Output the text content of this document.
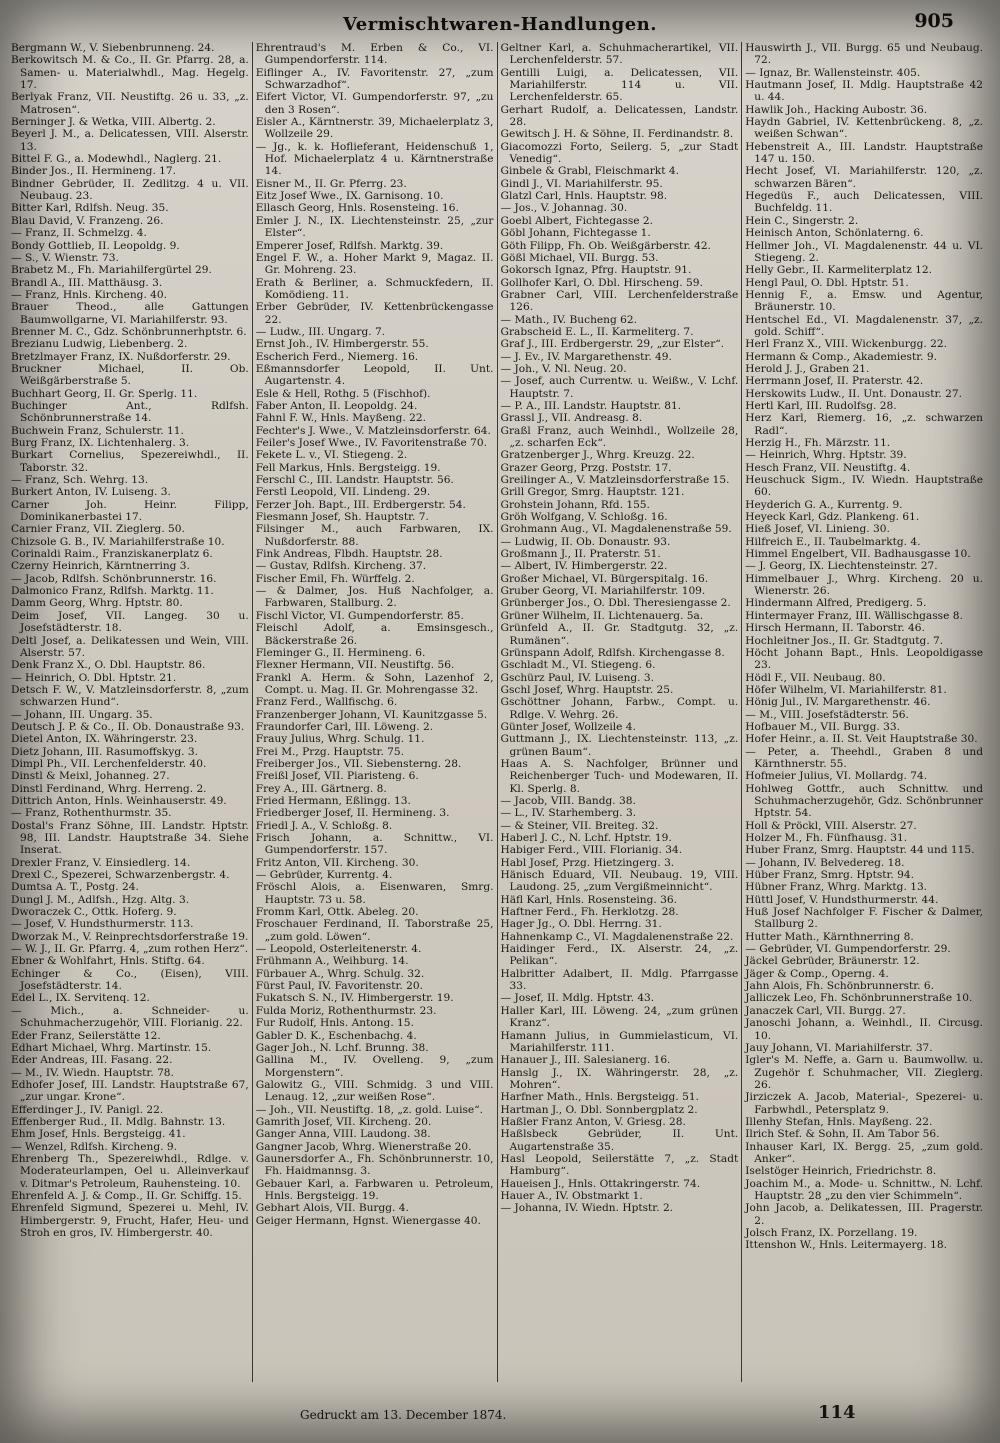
Vermischtwaren-Handlungen.	905
Bergmann W., V. Siebenbrunneng. 24.
Berkowitsch M. & Co., II. Gr. Pfarrg. 28, a. Samen- u. Materialwhdl., Mag. Hegelg. 17.
Berlyak Franz, VII. Neustiftg. 26 u. 33, „z. Matrosen“.
Berninger J. & Wetka, VIII. Albertg. 2.
Beyerl J. M., a. Delicatessen, VIII. Alserstr. 13.
Bittel F. G., a. Modewhdl., Naglerg. 21.
Binder Jos., II. Hermineng. 17.
Bindner Gebrüder, II. Zedlitzg. 4 u. VII. Neubaug. 23.
Bitter Karl, Rdlfsh. Neug. 35.
Blau David, V. Franzeng. 26.
— Franz, II. Schmelzg. 4.
Bondy Gottlieb, II. Leopoldg. 9.
— S., V. Wienstr. 73.
Brabetz M., Fh. Mariahilfergürtel 29.
Brandl A., III. Matthäusg. 3.
— Franz, Hnls. Kircheng. 40.
Brauer Theod., alle Gattungen Baumwollgarne, VI. Mariahilferstr. 93.
Brenner M. C., Gdz. Schönbrunnerhptstr. 6.
Brezianu Ludwig, Liebenberg. 2.
Bretzlmayer Franz, IX. Nußdorferstr. 29.
Bruckner Michael, II. Ob. Weißgärberstraße 5.
Buchhart Georg, II. Gr. Sperlg. 11.
Buchinger Ant., Rdlfsh. Schönbrunnerstraße 14.
Buchwein Franz, Schulerstr. 11.
Burg Franz, IX. Lichtenhalerg. 3.
Burkart Cornelius, Spezereiwhdl., II. Taborstr. 32.
— Franz, Sch. Wehrg. 13.
Burkert Anton, IV. Luiseng. 3.
Carner Joh. Heinr. Filipp, Dominikanerbastei 17.
Carnier Franz, VII. Zieglerg. 50.
Chizsole G. B., IV. Mariahilferstraße 10.
Corinaldi Raim., Franziskanerplatz 6.
Czerny Heinrich, Kärntnerring 3.
— Jacob, Rdlfsh. Schönbrunnerstr. 16.
Dalmonico Franz, Rdlfsh. Marktg. 11.
Damm Georg, Whrg. Hptstr. 80.
Deim Josef, VII. Langeg. 30 u. Josefstädterstr. 18.
Deltl Josef, a. Delikatessen und Wein, VIII. Alserstr. 57.
Denk Franz X., O. Dbl. Hauptstr. 86.
— Heinrich, O. Dbl. Hptstr. 21.
Detsch F. W., V. Matzleinsdorferstr. 8, „zum schwarzen Hund“.
— Johann, III. Ungarg. 35.
Deutsch J. P. & Co., II. Ob. Donaustraße 93.
Dietel Anton, IX. Währingerstr. 23.
Dietz Johann, III. Rasumoffskyg. 3.
Dimpl Ph., VII. Lerchenfelderstr. 40.
Dinstl & Meixl, Johanneg. 27.
Dinstl Ferdinand, Whrg. Herreng. 2.
Dittrich Anton, Hnls. Weinhauserstr. 49.
— Franz, Rothenthurmstr. 35.
Dostal's Franz Söhne, III. Landstr. Hptstr. 98, III. Landstr. Hauptstraße 34. Siehe Inserat.
Drexler Franz, V. Einsiedlerg. 14.
Drexl C., Spezerei, Schwarzenbergstr. 4.
Dumtsa A. T., Postg. 24.
Dungl J. M., Adlfsh., Hzg. Altg. 3.
Dworaczek C., Ottk. Hoferg. 9.
— Josef, V. Hundsthurmerstr. 113.
Dworzak M., V. Reinprechtsdorferstraße 19.
— W. J., II. Gr. Pfarrg. 4, „zum rothen Herz“.
Ebner & Wohlfahrt, Hnls. Stiftg. 64.
Echinger & Co., (Eisen), VIII. Josefstädterstr. 14.
Edel L., IX. Servitenq. 12.
— Mich., a. Schneider- u. Schuhmacherzugehör, VIII. Florianig. 22.
Eder Franz, Seilerstätte 12.
Edhart Michael, Whrg. Martinstr. 15.
Eder Andreas, III. Fasang. 22.
— M., IV. Wiedn. Hauptstr. 78.
Edhofer Josef, III. Landstr. Hauptstraße 67, „zur ungar. Krone“.
Efferdinger J., IV. Panigl. 22.
Effenberger Rud., II. Mdlg. Bahnstr. 13.
Ehm Josef, Hnls. Bergsteigg. 41.
— Wenzel, Rdlfsh. Kircheng. 9.
Ehrenberg Th., Spezereiwhdl., Rdlge. v. Moderateurlampen, Oel u. Alleinverkauf v. Ditmar's Petroleum, Rauhensteing. 10.
Ehrenfeld A. J. & Comp., II. Gr. Schiffg. 15.
Ehrenfeld Sigmund, Spezerei u. Mehl, IV. Himbergerstr. 9, Frucht, Hafer, Heu- und Stroh en gros, IV. Himbergerstr. 40.
Ehrentraud's M. Erben & Co., VI. Gumpendorferstr. 114.
Eiflinger A., IV. Favoritenstr. 27, „zum Schwarzadhof“.
Eifert Victor, VI. Gumpendorferstr. 97, „zu den 3 Rosen“.
Eisler A., Kärntnerstr. 39, Michaelerplatz 3, Wollzeile 29.
— Jg., k. k. Hoflieferant, Heidenschuß 1, Hof. Michaelerplatz 4 u. Kärntnerstraße 14.
Eisner M., II. Gr. Pferrg. 23.
Eitz Josef Wwe., IX. Garnisong. 10.
Ellasch Georg, Hnls. Rosensteing. 16.
Emler J. N., IX. Liechtensteinstr. 25, „zur Elster“.
Emperer Josef, Rdlfsh. Marktg. 39.
Engel F. W., a. Hoher Markt 9, Magaz. II. Gr. Mohreng. 23.
Erath & Berliner, a. Schmuckfedern, II. Komödieng. 11.
Erber Gebrüder, IV. Kettenbrückengasse 22.
— Ludw., III. Ungarg. 7.
Ernst Joh., IV. Himbergerstr. 55.
Escherich Ferd., Niemerg. 16.
Eßmannsdorfer Leopold, II. Unt. Augartenstr. 4.
Esle & Hell, Rothg. 5 (Fischhof).
Faber Anton, II. Leopoldg. 24.
Fahnl F. W., Hnls. Mayßeng. 22.
Fechter's J. Wwe., V. Matzleinsdorferstr. 64.
Feiler's Josef Wwe., IV. Favoritenstraße 70.
Fekete L. v., VI. Stiegeng. 2.
Fell Markus, Hnls. Bergsteigg. 19.
Ferschl C., III. Landstr. Hauptstr. 56.
Ferstl Leopold, VII. Lindeng. 29.
Ferzer Joh. Bapt., III. Erdbergerstr. 54.
Fiesmann Josef, Sh. Hauptstr. 7.
Filsinger M., auch Farbwaren, IX. Nußdorferstr. 88.
Fink Andreas, Flbdh. Hauptstr. 28.
— Gustav, Rdlfsh. Kircheng. 37.
Fischer Emil, Fh. Würffelg. 2.
— & Dalmer, Jos. Huß Nachfolger, a. Farbwaren, Stallburg. 2.
Fischl Victor, VI. Gumpendorferstr. 85.
Fleischl Adolf, a. Emsinsgesch., Bäckerstraße 26.
Fleminger G., II. Hermineng. 6.
Flexner Hermann, VII. Neustiftg. 56.
Frankl A. Herm. & Sohn, Lazenhof 2, Compt. u. Mag. II. Gr. Mohrengasse 32.
Franz Ferd., Wallfischg. 6.
Franzenberger Johann, VI. Kaunitzgasse 5.
Fraundorfer Carl, III. Löweng. 2.
Frauy Julius, Whrg. Schulg. 11.
Frei M., Przg. Hauptstr. 75.
Freiberger Jos., VII. Siebensterng. 28.
Freißl Josef, VII. Piaristeng. 6.
Frey A., III. Gärtnerg. 8.
Fried Hermann, Eßlingg. 13.
Friedberger Josef, II. Hermineng. 3.
Friedl J. A., V. Schloßg. 8.
Frisch Johann, a. Schnittw., VI. Gumpendorferstr. 157.
Fritz Anton, VII. Kircheng. 30.
— Gebrüder, Kurrentg. 4.
Fröschl Alois, a. Eisenwaren, Smrg. Hauptstr. 73 u. 58.
Fromm Karl, Ottk. Abeleg. 20.
Froschauer Ferdinand, II. Taborstraße 25, „zum gold. Löwen“.
— Leopold, Osterleitenerstr. 4.
Frühmann A., Weihburg. 14.
Fürbauer A., Whrg. Schulg. 32.
Fürst Paul, IV. Favoritenstr. 20.
Fukatsch S. N., IV. Himbergerstr. 19.
Fulda Moriz, Rothenthurmstr. 23.
Fur Rudolf, Hnls. Antong. 15.
Gabler D. K., Eschenbachg. 4.
Gager Joh., N. Lchf. Brunng. 38.
Gallina M., IV. Ovelleng. 9, „zum Morgenstern“.
Galowitz G., VIII. Schmidg. 3 und VIII. Lenaug. 12, „zur weißen Rose“.
— Joh., VII. Neustiftg. 18, „z. gold. Luise“.
Gamrith Josef, VII. Kircheng. 20.
Ganger Anna, VIII. Laudong. 38.
Gangner Jacob, Whrg. Wienerstraße 20.
Gaunersdorfer A., Fh. Schönbrunnerstr. 10, Fh. Haidmannsg. 3.
Gebauer Karl, a. Farbwaren u. Petroleum, Hnls. Bergsteigg. 19.
Gebhart Alois, VII. Burgg. 4.
Geiger Hermann, Hgnst. Wienergasse 40.
Geltner Karl, a. Schuhmacherartikel, VII. Lerchenfelderstr. 57.
Gentilli Luigi, a. Delicatessen, VII. Mariahilferstr. 114 u. VII. Lerchenfelderstr. 65.
Gerhart Rudolf, a. Delicatessen, Landstr. 28.
Gewitsch J. H. & Söhne, II. Ferdinandstr. 8.
Giacomozzi Forto, Seilerg. 5, „zur Stadt Venedig“.
Ginbele & Grabl, Fleischmarkt 4.
Gindl J., VI. Mariahilferstr. 95.
Glatzl Carl, Hnls. Hauptstr. 98.
— Jos., V. Johannag. 30.
Goebl Albert, Fichtegasse 2.
Göbl Johann, Fichtegasse 1.
Göth Filipp, Fh. Ob. Weißgärberstr. 42.
Gößl Michael, VII. Burgg. 53.
Gokorsch Ignaz, Pfrg. Hauptstr. 91.
Gollhofer Karl, O. Dbl. Hirscheng. 59.
Grabner Carl, VIII. Lerchenfelderstraße 126.
— Math., IV. Bucheng 62.
Grabscheid E. L., II. Karmeliterg. 7.
Graf J., III. Erdbergerstr. 29, „zur Elster“.
— J. Ev., IV. Margarethenstr. 49.
— Joh., V. Nl. Neug. 20.
— Josef, auch Currentw. u. Weißw., V. Lchf. Hauptstr. 7.
— P. A., III. Landstr. Hauptstr. 81.
Grassl J., VII. Andreasg. 8.
Graßl Franz, auch Weinhdl., Wollzeile 28, „z. scharfen Eck“.
Gratzenberger J., Whrg. Kreuzg. 22.
Grazer Georg, Przg. Poststr. 17.
Greilinger A., V. Matzleinsdorferstraße 15.
Grill Gregor, Smrg. Hauptstr. 121.
Grohstein Johann, Rfd. 155.
Gröh Wolfgang, V. Schloßg. 16.
Grohmann Aug., VI. Magdalenenstraße 59.
— Ludwig, II. Ob. Donaustr. 93.
Großmann J., II. Praterstr. 51.
— Albert, IV. Himbergerstr. 22.
Großer Michael, VI. Bürgerspitalg. 16.
Gruber Georg, VI. Mariahilferstr. 109.
Grünberger Jos., O. Dbl. Theresiengasse 2.
Grüner Wilhelm, II. Lichtenauerg. 5a.
Grünfeld A., II. Gr. Stadtgutg. 32, „z. Rumänen“.
Grünspann Adolf, Rdlfsh. Kirchengasse 8.
Gschladt M., VI. Stiegeng. 6.
Gschürz Paul, IV. Luiseng. 3.
Gschl Josef, Whrg. Hauptstr. 25.
Gschöttner Johann, Farbw., Compt. u. Rdlge. V. Wehrg. 26.
Günter Josef, Wollzeile 4.
Guttmann J., IX. Liechtensteinstr. 113, „z. grünen Baum“.
Haas A. S. Nachfolger, Brünner und Reichenberger Tuch- und Modewaren, II. Kl. Sperlg. 8.
— Jacob, VIII. Bandg. 38.
— L., IV. Starhemberg. 3.
— & Steiner, VII. Breiteg. 32.
Haberl J. C., N. Lchf. Hptstr. 19.
Habiger Ferd., VIII. Florianig. 34.
Habl Josef, Przg. Hietzingerg. 3.
Hänisch Eduard, VII. Neubaug. 19, VIII. Laudong. 25, „zum Vergißmeinnicht“.
Häfl Karl, Hnls. Rosensteing. 36.
Haftner Ferd., Fh. Herklotzg. 28.
Hager Jg., O. Dbl. Herrng. 31.
Hahnenkamp C., VI. Magdalenenstraße 22.
Haidinger Ferd., IX. Alserstr. 24, „z. Pelikan“.
Halbritter Adalbert, II. Mdlg. Pfarrgasse 33.
— Josef, II. Mdlg. Hptstr. 43.
Haller Karl, III. Löweng. 24, „zum grünen Kranz“.
Hamann Julius, in Gummielasticum, VI. Mariahilferstr. 111.
Hanauer J., III. Salesianerg. 16.
Hanslg J., IX. Währingerstr. 28, „z. Mohren“.
Harfner Math., Hnls. Bergsteigg. 51.
Hartman J., O. Dbl. Sonnbergplatz 2.
Haßler Franz Anton, V. Griesg. 28.
Haßlsbeck Gebrüder, II. Unt. Augartenstraße 35.
Hasl Leopold, Seilerstätte 7, „z. Stadt Hamburg“.
Haueisen J., Hnls. Ottakringerstr. 74.
Hauer A., IV. Obstmarkt 1.
— Johanna, IV. Wiedn. Hptstr. 2.
Hauswirth J., VII. Burgg. 65 und Neubaug. 72.
— Ignaz, Br. Wallensteinstr. 405.
Hautmann Josef, II. Mdlg. Hauptstraße 42 u. 44.
Hawlik Joh., Hacking Aubostr. 36.
Haydn Gabriel, IV. Kettenbrückeng. 8, „z. weißen Schwan“.
Hebenstreit A., III. Landstr. Hauptstraße 147 u. 150.
Hecht Josef, VI. Mariahilferstr. 120, „z. schwarzen Bären“.
Hegedüs F., auch Delicatessen, VIII. Buchfeldg. 11.
Hein C., Singerstr. 2.
Heinisch Anton, Schönlaterng. 6.
Hellmer Joh., VI. Magdalenenstr. 44 u. VI. Stiegeng. 2.
Helly Gebr., II. Karmeliterplatz 12.
Hengl Paul, O. Dbl. Hptstr. 51.
Hennig F., a. Emsw. und Agentur, Bräunerstr. 10.
Hentschel Ed., VI. Magdalenenstr. 37, „z. gold. Schiff“.
Herl Franz X., VIII. Wickenburgg. 22.
Hermann & Comp., Akademiestr. 9.
Herold J. J., Graben 21.
Herrmann Josef, II. Praterstr. 42.
Herskowits Ludw., II. Unt. Donaustr. 27.
Hertl Karl, III. Rudolfsg. 28.
Herz Karl, Riemerg. 16, „z. schwarzen Radl“.
Herzig H., Fh. Märzstr. 11.
— Heinrich, Whrg. Hptstr. 39.
Hesch Franz, VII. Neustiftg. 4.
Heuschuck Sigm., IV. Wiedn. Hauptstraße 60.
Heyderich G. A., Kurrentg. 9.
Heyeck Karl, Gdz. Plankeng. 61.
Hieß Josef, VI. Linieng. 30.
Hilfreich E., II. Taubelmarktg. 4.
Himmel Engelbert, VII. Badhausgasse 10.
— J. Georg, IX. Liechtensteinstr. 27.
Himmelbauer J., Whrg. Kircheng. 20 u. Wienerstr. 26.
Hindermann Alfred, Predigerg. 5.
Hintermayer Franz, III. Wällischgasse 8.
Hirsch Hermann, II. Taborstr. 46.
Hochleitner Jos., II. Gr. Stadtgutg. 7.
Höcht Johann Bapt., Hnls. Leopoldigasse 23.
Hödl F., VII. Neubaug. 80.
Höfer Wilhelm, VI. Mariahilferstr. 81.
Hönig Jul., IV. Margarethenstr. 46.
— M., VIII. Josefstädterstr. 56.
Hofbauer M., VII. Burgg. 33.
Hofer Heinr., a. II. St. Veit Hauptstraße 30.
— Peter, a. Theehdl., Graben 8 und Kärnthnerstr. 55.
Hofmeier Julius, VI. Mollardg. 74.
Hohlweg Gottfr., auch Schnittw. und Schuhmacherzugehör, Gdz. Schönbrunner Hptstr. 54.
Holl & Pröckl, VIII. Alserstr. 27.
Holzer M., Fh. Fünfhausg. 31.
Huber Franz, Smrg. Hauptstr. 44 und 115.
— Johann, IV. Belvedereg. 18.
Hüber Franz, Smrg. Hptstr. 94.
Hübner Franz, Whrg. Marktg. 13.
Hüttl Josef, V. Hundsthurmerstr. 44.
Huß Josef Nachfolger F. Fischer & Dalmer, Stallburg 2.
Hutter Math., Kärnthnerring 8.
— Gebrüder, VI. Gumpendorferstr. 29.
Jäckel Gebrüder, Bräunerstr. 12.
Jäger & Comp., Operng. 4.
Jahn Alois, Fh. Schönbrunnerstr. 6.
Jalliczek Leo, Fh. Schönbrunnerstraße 10.
Janaczek Carl, VII. Burgg. 27.
Janoschi Johann, a. Weinhdl., II. Circusg. 10.
Jauy Johann, VI. Mariahilferstr. 37.
Igler's M. Neffe, a. Garn u. Baumwollw. u. Zugehör f. Schuhmacher, VII. Zieglerg. 26.
Jirziczek A. Jacob, Material-, Spezerei- u. Farbwhdl., Petersplatz 9.
Illenhy Stefan, Hnls. Mayßeng. 22.
Ilrich Stef. & Sohn, II. Am Tabor 56.
Inhauser Karl, IX. Bergg. 25, „zum gold. Anker“.
Iselstöger Heinrich, Friedrichstr. 8.
Joachim M., a. Mode- u. Schnittw., N. Lchf. Hauptstr. 28 „zu den vier Schimmeln“.
John Jacob, a. Delikatessen, III. Pragerstr. 2.
Jolsch Franz, IX. Porzellang. 19.
Ittenshon W., Hnls. Leitermayerg. 18.
Gedruckt am 13. December 1874.	114
